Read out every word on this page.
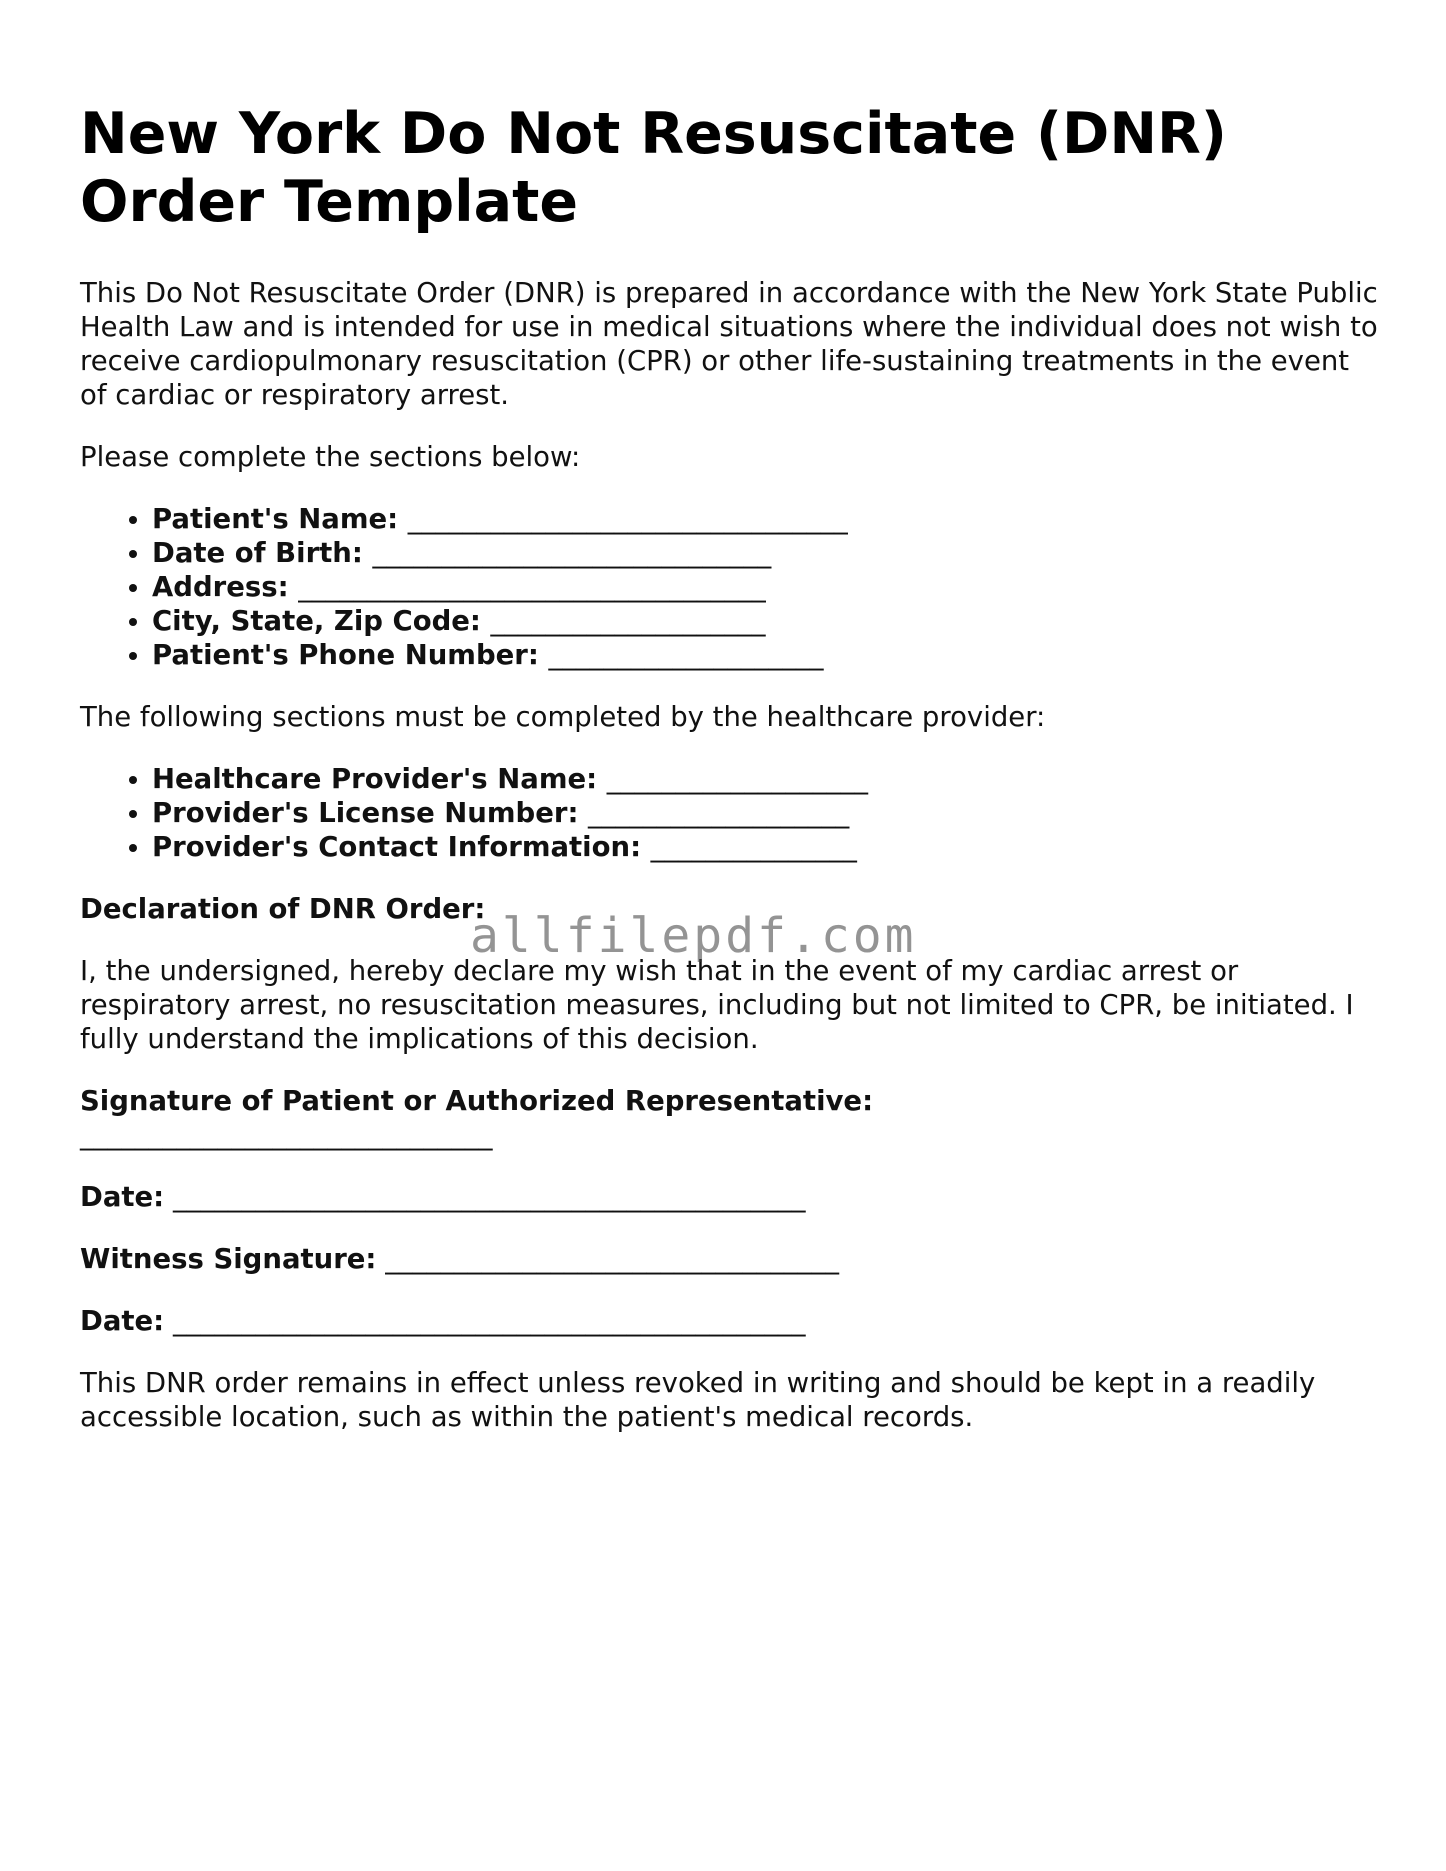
New York Do Not Resuscitate (DNR) Order Template

This Do Not Resuscitate Order (DNR) is prepared in accordance with the New York State Public Health Law and is intended for use in medical situations where the individual does not wish to receive cardiopulmonary resuscitation (CPR) or other life-sustaining treatments in the event of cardiac or respiratory arrest.

Please complete the sections below:

• Patient's Name: ________________________________
• Date of Birth: _____________________________
• Address: __________________________________
• City, State, Zip Code: ____________________
• Patient's Phone Number: ____________________

The following sections must be completed by the healthcare provider:

• Healthcare Provider's Name: ___________________
• Provider's License Number: ___________________
• Provider's Contact Information: _______________

Declaration of DNR Order:

I, the undersigned, hereby declare my wish that in the event of my cardiac arrest or respiratory arrest, no resuscitation measures, including but not limited to CPR, be initiated. I fully understand the implications of this decision.

Signature of Patient or Authorized Representative:
______________________________
Date: ______________________________________________
Witness Signature: _________________________________
Date: ______________________________________________

This DNR order remains in effect unless revoked in writing and should be kept in a readily accessible location, such as within the patient's medical records.

allfilepdf.com
